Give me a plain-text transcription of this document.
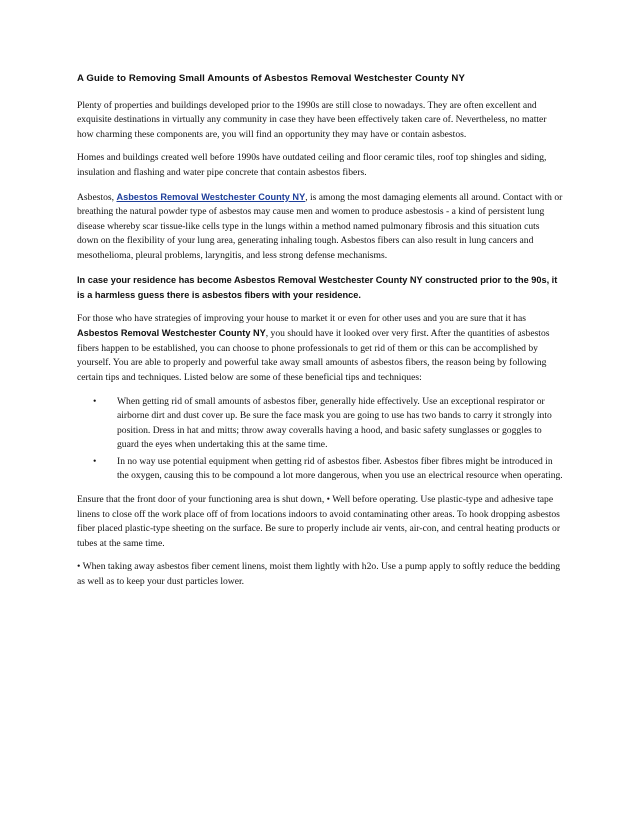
A Guide to Removing Small Amounts of Asbestos Removal Westchester County NY

Plenty of properties and buildings developed prior to the 1990s are still close to nowadays. They are often excellent and exquisite destinations in virtually any community in case they have been effectively taken care of. Nevertheless, no matter how charming these components are, you will find an opportunity they may have or contain asbestos.

Homes and buildings created well before 1990s have outdated ceiling and floor ceramic tiles, roof top shingles and siding, insulation and flashing and water pipe concrete that contain asbestos fibers.

Asbestos, Asbestos Removal Westchester County NY, is among the most damaging elements all around. Contact with or breathing the natural powder type of asbestos may cause men and women to produce asbestosis - a kind of persistent lung disease whereby scar tissue-like cells type in the lungs within a method named pulmonary fibrosis and this situation cuts down on the flexibility of your lung area, generating inhaling tough. Asbestos fibers can also result in lung cancers and mesothelioma, pleural problems, laryngitis, and less strong defense mechanisms.

In case your residence has become Asbestos Removal Westchester County NY constructed prior to the 90s, it is a harmless guess there is asbestos fibers with your residence.

For those who have strategies of improving your house to market it or even for other uses and you are sure that it has Asbestos Removal Westchester County NY, you should have it looked over very first. After the quantities of asbestos fibers happen to be established, you can choose to phone professionals to get rid of them or this can be accomplished by yourself. You are able to properly and powerful take away small amounts of asbestos fibers, the reason being by following certain tips and techniques. Listed below are some of these beneficial tips and techniques:

• When getting rid of small amounts of asbestos fiber, generally hide effectively. Use an exceptional respirator or airborne dirt and dust cover up. Be sure the face mask you are going to use has two bands to carry it strongly into position. Dress in hat and mitts; throw away coveralls having a hood, and basic safety sunglasses or goggles to guard the eyes when undertaking this at the same time.
• In no way use potential equipment when getting rid of asbestos fiber. Asbestos fiber fibres might be introduced in the oxygen, causing this to be compound a lot more dangerous, when you use an electrical resource when operating.

Ensure that the front door of your functioning area is shut down, • Well before operating. Use plastic-type and adhesive tape linens to close off the work place off of from locations indoors to avoid contaminating other areas. To hook dropping asbestos fiber placed plastic-type sheeting on the surface. Be sure to properly include air vents, air-con, and central heating products or tubes at the same time.

• When taking away asbestos fiber cement linens, moist them lightly with h2o. Use a pump apply to softly reduce the bedding as well as to keep your dust particles lower.
